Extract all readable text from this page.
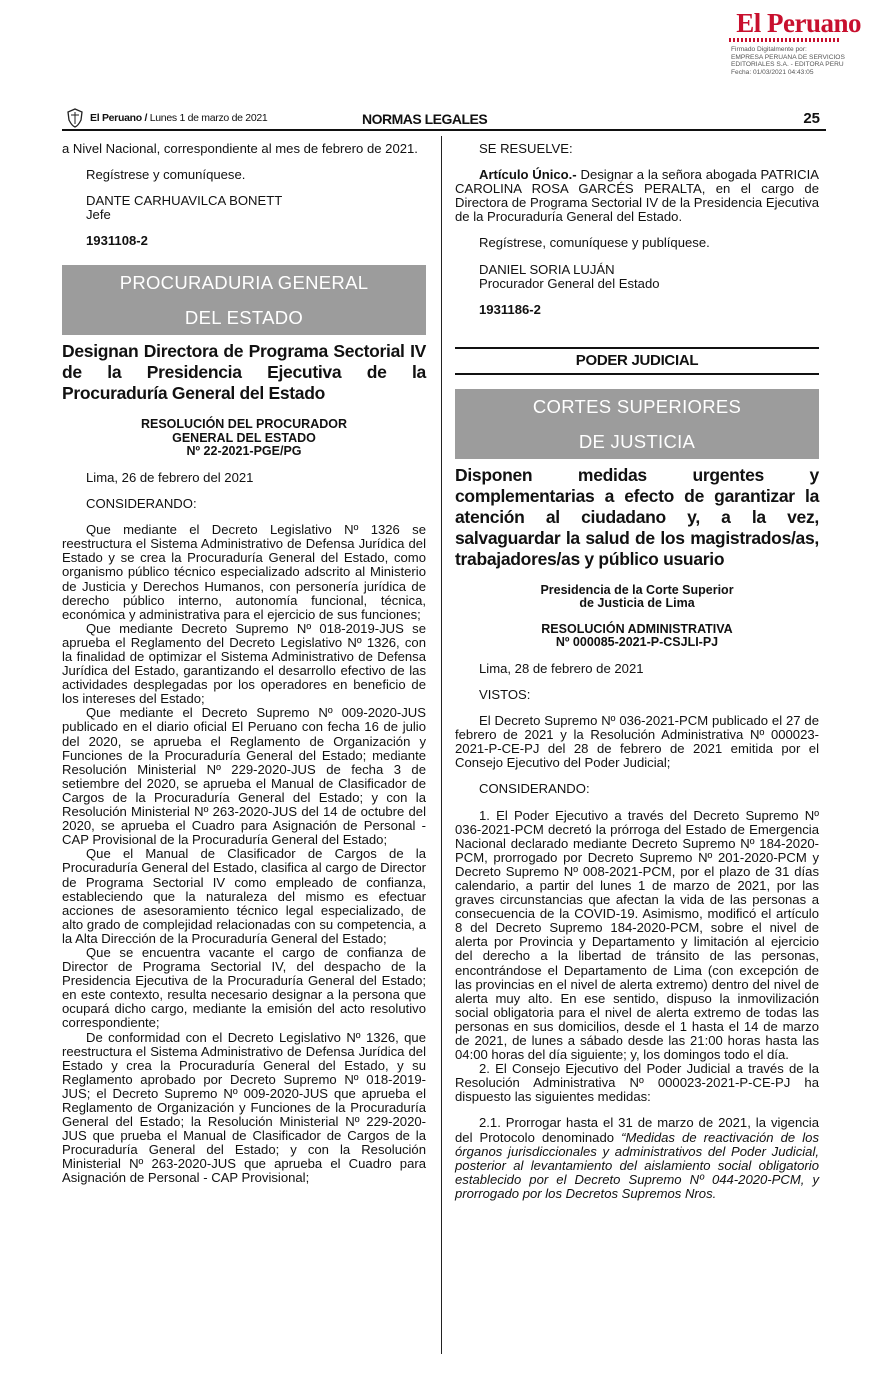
El Peruano
Firmado Digitalmente por:
EMPRESA PERUANA DE SERVICIOS
EDITORIALES S.A. - EDITORA PERU
Fecha: 01/03/2021 04:43:05
El Peruano / Lunes 1 de marzo de 2021	NORMAS LEGALES	25

a Nivel Nacional, correspondiente al mes de febrero de 2021.

Regístrese y comuníquese.

DANTE CARHUAVILCA BONETT

Jefe

1931108-2

PROCURADURIA GENERAL
DEL ESTADO
Designan Directora de Programa Sectorial IV de la Presidencia Ejecutiva de la Procuraduría General del Estado
RESOLUCIÓN DEL PROCURADOR
GENERAL DEL ESTADO
Nº 22-2021-PGE/PG

Lima, 26 de febrero del 2021

CONSIDERANDO:

Que mediante el Decreto Legislativo Nº 1326 se reestructura el Sistema Administrativo de Defensa Jurídica del Estado y se crea la Procuraduría General del Estado, como organismo público técnico especializado adscrito al Ministerio de Justicia y Derechos Humanos, con personería jurídica de derecho público interno, autonomía funcional, técnica, económica y administrativa para el ejercicio de sus funciones;

Que mediante Decreto Supremo Nº 018-2019-JUS se aprueba el Reglamento del Decreto Legislativo Nº 1326, con la finalidad de optimizar el Sistema Administrativo de Defensa Jurídica del Estado, garantizando el desarrollo efectivo de las actividades desplegadas por los operadores en beneficio de los intereses del Estado;

Que mediante el Decreto Supremo Nº 009-2020-JUS publicado en el diario oficial El Peruano con fecha 16 de julio del 2020, se aprueba el Reglamento de Organización y Funciones de la Procuraduría General del Estado; mediante Resolución Ministerial Nº 229-2020-JUS de fecha 3 de setiembre del 2020, se aprueba el Manual de Clasificador de Cargos de la Procuraduría General del Estado; y con la Resolución Ministerial Nº 263-2020-JUS del 14 de octubre del 2020, se aprueba el Cuadro para Asignación de Personal - CAP Provisional de la Procuraduría General del Estado;

Que el Manual de Clasificador de Cargos de la Procuraduría General del Estado, clasifica al cargo de Director de Programa Sectorial IV como empleado de confianza, estableciendo que la naturaleza del mismo es efectuar acciones de asesoramiento técnico legal especializado, de alto grado de complejidad relacionadas con su competencia, a la Alta Dirección de la Procuraduría General del Estado;

Que se encuentra vacante el cargo de confianza de Director de Programa Sectorial IV, del despacho de la Presidencia Ejecutiva de la Procuraduría General del Estado; en este contexto, resulta necesario designar a la persona que ocupará dicho cargo, mediante la emisión del acto resolutivo correspondiente;

De conformidad con el Decreto Legislativo Nº 1326, que reestructura el Sistema Administrativo de Defensa Jurídica del Estado y crea la Procuraduría General del Estado, y su Reglamento aprobado por Decreto Supremo Nº 018-2019-JUS; el Decreto Supremo Nº 009-2020-JUS que aprueba el Reglamento de Organización y Funciones de la Procuraduría General del Estado; la Resolución Ministerial Nº 229-2020-JUS que prueba el Manual de Clasificador de Cargos de la Procuraduría General del Estado; y con la Resolución Ministerial Nº 263-2020-JUS que aprueba el Cuadro para Asignación de Personal - CAP Provisional;

SE RESUELVE:

Artículo Único.- Designar a la señora abogada PATRICIA CAROLINA ROSA GARCÉS PERALTA, en el cargo de Directora de Programa Sectorial IV de la Presidencia Ejecutiva de la Procuraduría General del Estado.

Regístrese, comuníquese y publíquese.

DANIEL SORIA LUJÁN

Procurador General del Estado

1931186-2

PODER JUDICIAL
CORTES SUPERIORES
DE JUSTICIA
Disponen medidas urgentes y complementarias a efecto de garantizar la atención al ciudadano y, a la vez, salvaguardar la salud de los magistrados/as, trabajadores/as y público usuario
Presidencia de la Corte Superior
de Justicia de Lima
RESOLUCIÓN ADMINISTRATIVA
Nº 000085-2021-P-CSJLI-PJ

Lima, 28 de febrero de 2021

VISTOS:

El Decreto Supremo Nº 036-2021-PCM publicado el 27 de febrero de 2021 y la Resolución Administrativa Nº 000023-2021-P-CE-PJ del 28 de febrero de 2021 emitida por el Consejo Ejecutivo del Poder Judicial;

CONSIDERANDO:

1. El Poder Ejecutivo a través del Decreto Supremo Nº 036-2021-PCM decretó la prórroga del Estado de Emergencia Nacional declarado mediante Decreto Supremo Nº 184-2020-PCM, prorrogado por Decreto Supremo Nº 201-2020-PCM y Decreto Supremo Nº 008-2021-PCM, por el plazo de 31 días calendario, a partir del lunes 1 de marzo de 2021, por las graves circunstancias que afectan la vida de las personas a consecuencia de la COVID-19. Asimismo, modificó el artículo 8 del Decreto Supremo 184-2020-PCM, sobre el nivel de alerta por Provincia y Departamento y limitación al ejercicio del derecho a la libertad de tránsito de las personas, encontrándose el Departamento de Lima (con excepción de las provincias en el nivel de alerta extremo) dentro del nivel de alerta muy alto. En ese sentido, dispuso la inmovilización social obligatoria para el nivel de alerta extremo de todas las personas en sus domicilios, desde el 1 hasta el 14 de marzo de 2021, de lunes a sábado desde las 21:00 horas hasta las 04:00 horas del día siguiente; y, los domingos todo el día.

2. El Consejo Ejecutivo del Poder Judicial a través de la Resolución Administrativa Nº 000023-2021-P-CE-PJ ha dispuesto las siguientes medidas:

2.1. Prorrogar hasta el 31 de marzo de 2021, la vigencia del Protocolo denominado “Medidas de reactivación de los órganos jurisdiccionales y administrativos del Poder Judicial, posterior al levantamiento del aislamiento social obligatorio establecido por el Decreto Supremo Nº 044-2020-PCM, y prorrogado por los Decretos Supremos Nros.
